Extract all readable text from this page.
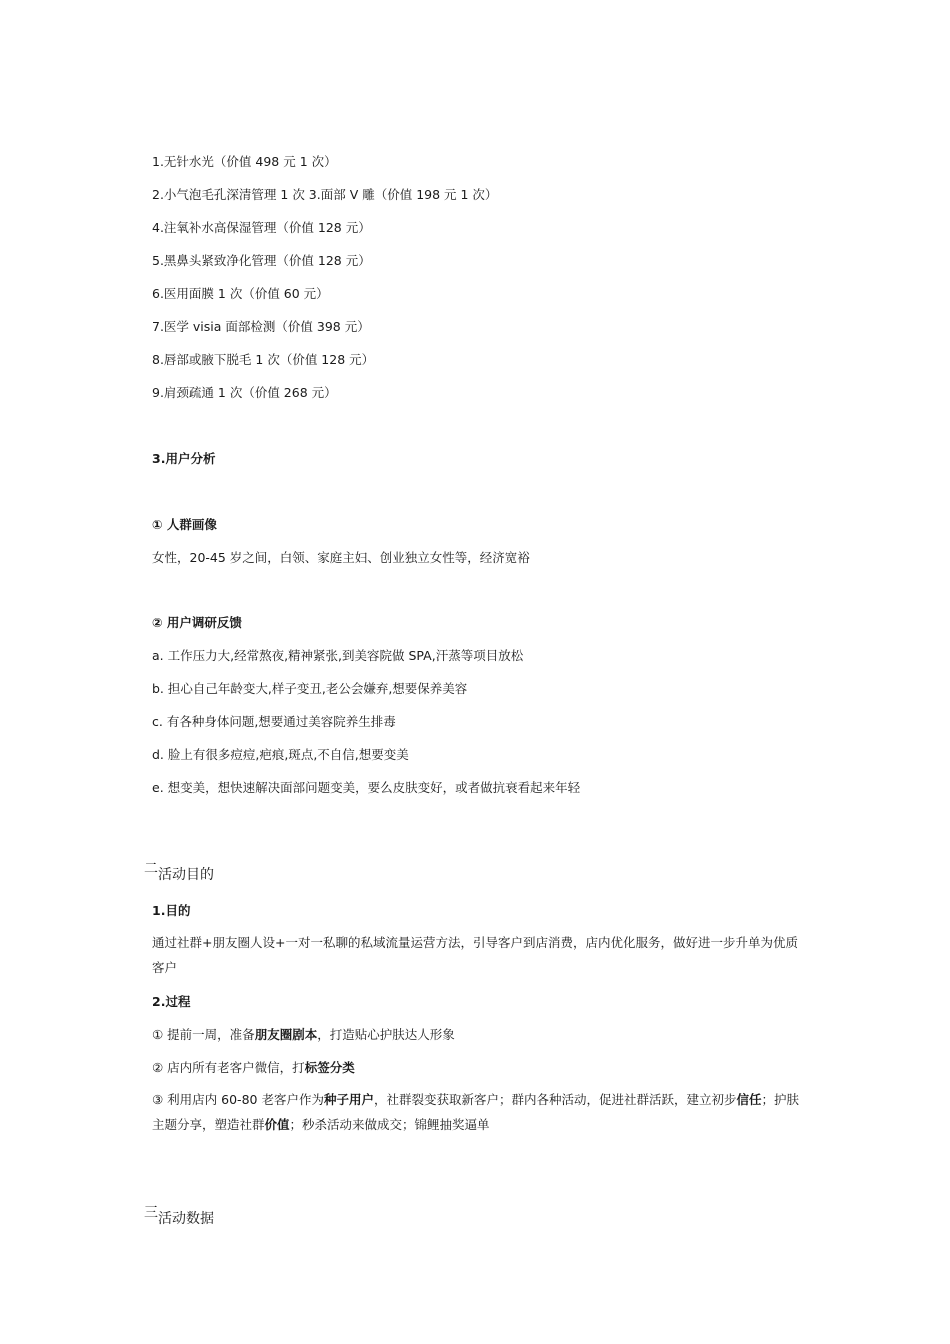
1.无针水光（价值 498 元 1 次）
2.小气泡毛孔深清管理 1 次 3.面部 V 雕（价值 198 元 1 次）
4.注氧补水高保湿管理（价值 128 元）
5.黑鼻头紧致净化管理（价值 128 元）
6.医用面膜 1 次（价值 60 元）
7.医学 visia 面部检测（价值 398 元）
8.唇部或腋下脱毛 1 次（价值 128 元）
9.肩颈疏通 1 次（价值 268 元）
3.用户分析
① 人群画像
女性，20-45 岁之间，白领、家庭主妇、创业独立女性等，经济宽裕
② 用户调研反馈
a. 工作压力大,经常熬夜,精神紧张,到美容院做 SPA,汗蒸等项目放松
b. 担心自己年龄变大,样子变丑,老公会嫌弃,想要保养美容
c. 有各种身体问题,想要通过美容院养生排毒
d. 脸上有很多痘痘,疤痕,斑点,不自信,想要变美
e. 想变美，想快速解决面部问题变美，要么皮肤变好，或者做抗衰看起来年轻
二活动目的
1.目的
通过社群+朋友圈人设+一对一私聊的私域流量运营方法，引导客户到店消费，店内优化服务，做好进一步升单为优质客户
2.过程
① 提前一周，准备朋友圈剧本，打造贴心护肤达人形象
② 店内所有老客户微信，打标签分类
③ 利用店内 60-80 老客户作为种子用户，社群裂变获取新客户；群内各种活动，促进社群活跃，建立初步信任；护肤主题分享，塑造社群价值；秒杀活动来做成交；锦鲤抽奖逼单
三活动数据
